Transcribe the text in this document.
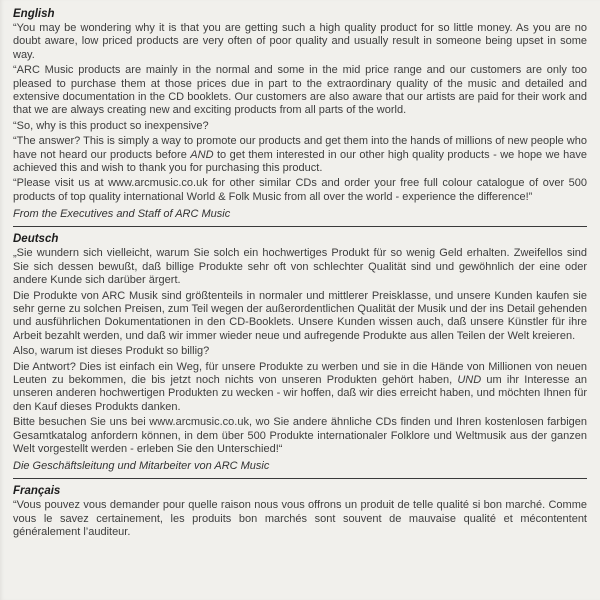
English

“You may be wondering why it is that you are getting such a high quality product for so little money. As you are no doubt aware, low priced products are very often of poor quality and usually result in someone being upset in some way.

“ARC Music products are mainly in the normal and some in the mid price range and our customers are only too pleased to purchase them at those prices due in part to the extraordinary quality of the music and detailed and extensive documentation in the CD booklets. Our customers are also aware that our artists are paid for their work and that we are always creating new and exciting products from all parts of the world.

“So, why is this product so inexpensive?

“The answer? This is simply a way to promote our products and get them into the hands of millions of new people who have not heard our products before AND to get them interested in our other high quality products - we hope we have achieved this and wish to thank you for purchasing this product.

“Please visit us at www.arcmusic.co.uk for other similar CDs and order your free full colour catalogue of over 500 products of top quality international World & Folk Music from all over the world - experience the difference!”

From the Executives and Staff of ARC Music

Deutsch

„Sie wundern sich vielleicht, warum Sie solch ein hochwertiges Produkt für so wenig Geld erhalten. Zweifellos sind Sie sich dessen bewußt, daß billige Produkte sehr oft von schlechter Qualität sind und gewöhnlich der eine oder andere Kunde sich darüber ärgert.

Die Produkte von ARC Musik sind größtenteils in normaler und mittlerer Preisklasse, und unsere Kunden kaufen sie sehr gerne zu solchen Preisen, zum Teil wegen der außerordentlichen Qualität der Musik und der ins Detail gehenden und ausführlichen Dokumentationen in den CD-Booklets. Unsere Kunden wissen auch, daß unsere Künstler für ihre Arbeit bezahlt werden, und daß wir immer wieder neue und aufregende Produkte aus allen Teilen der Welt kreieren.

Also, warum ist dieses Produkt so billig?

Die Antwort? Dies ist einfach ein Weg, für unsere Produkte zu werben und sie in die Hände von Millionen von neuen Leuten zu bekommen, die bis jetzt noch nichts von unseren Produkten gehört haben, UND um ihr Interesse an unseren anderen hochwertigen Produkten zu wecken - wir hoffen, daß wir dies erreicht haben, und möchten Ihnen für den Kauf dieses Produkts danken.

Bitte besuchen Sie uns bei www.arcmusic.co.uk, wo Sie andere ähnliche CDs finden und Ihren kostenlosen farbigen Gesamtkatalog anfordern können, in dem über 500 Produkte internationaler Folklore und Weltmusik aus der ganzen Welt vorgestellt werden - erleben Sie den Unterschied!“

Die Geschäftsleitung und Mitarbeiter von ARC Music

Français

“Vous pouvez vous demander pour quelle raison nous vous offrons un produit de telle qualité si bon marché. Comme vous le savez certainement, les produits bon marchés sont souvent de mauvaise qualité et mécontentent généralement l’auditeur.
